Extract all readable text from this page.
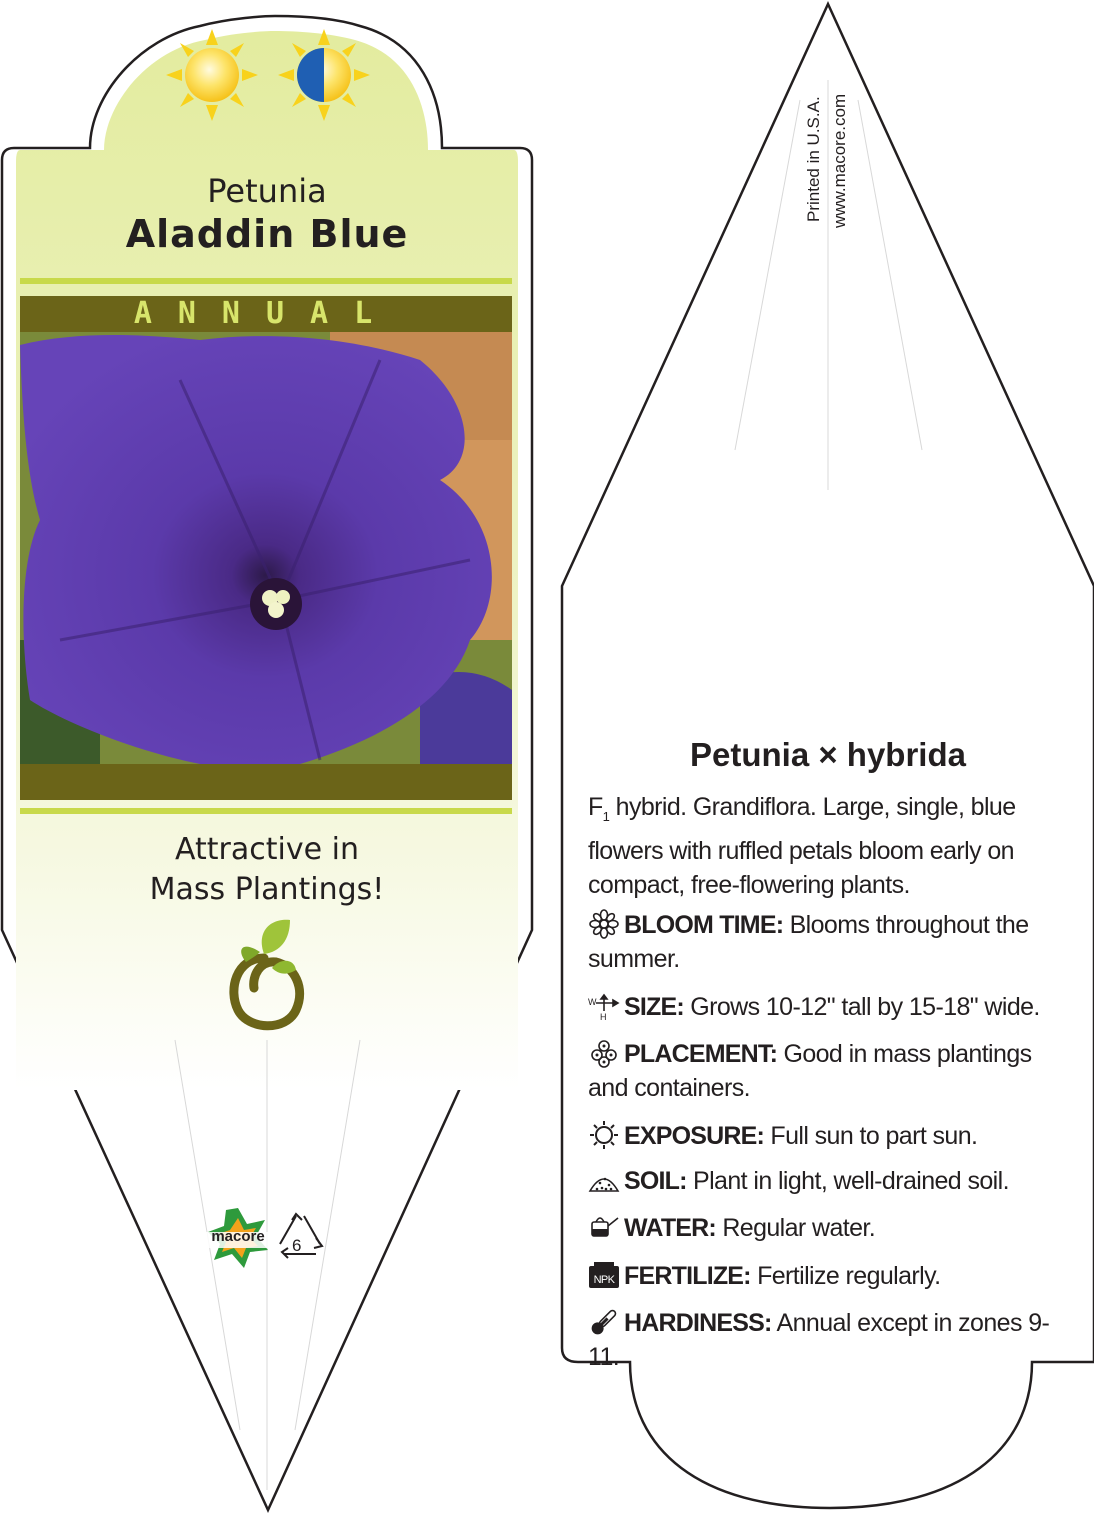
Petunia

Aladdin Blue

ANNUAL

Attractive in
Mass Plantings!

macore	6

Printed in U.S.A. www.macore.com

Petunia × hybrida

$F_1$ hybrid. Grandiflora. Large, single, blue flowers with ruffled petals bloom early on compact, free-flowering plants.

BLOOM TIME: Blooms throughout the summer.

W
H SIZE: Grows 10-12" tall by 15-18" wide.

PLACEMENT: Good in mass plantings and containers.

EXPOSURE: Full sun to part sun.

SOIL: Plant in light, well-drained soil.

WATER: Regular water.

NPK FERTILIZE: Fertilize regularly.

HARDINESS: Annual except in zones 9-11.
